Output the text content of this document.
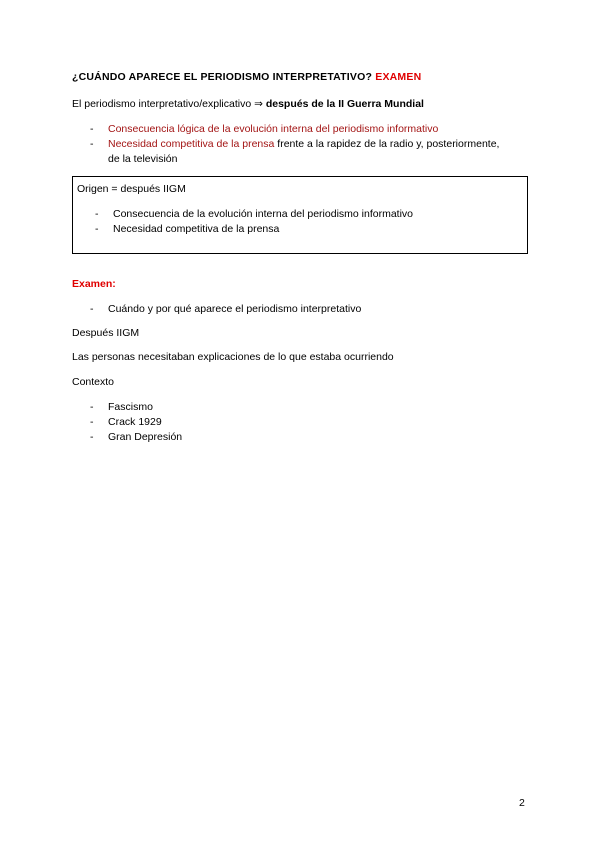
¿CUÁNDO APARECE EL PERIODISMO INTERPRETATIVO? EXAMEN
El periodismo interpretativo/explicativo ⇒ después de la II Guerra Mundial
- Consecuencia lógica de la evolución interna del periodismo informativo
- Necesidad competitiva de la prensa frente a la rapidez de la radio y, posteriormente,
de la televisión
Origen = después IIGM
- Consecuencia de la evolución interna del periodismo informativo
- Necesidad competitiva de la prensa
Examen:
- Cuándo y por qué aparece el periodismo interpretativo
Después IIGM
Las personas necesitaban explicaciones de lo que estaba ocurriendo
Contexto
- Fascismo
- Crack 1929
- Gran Depresión
2
